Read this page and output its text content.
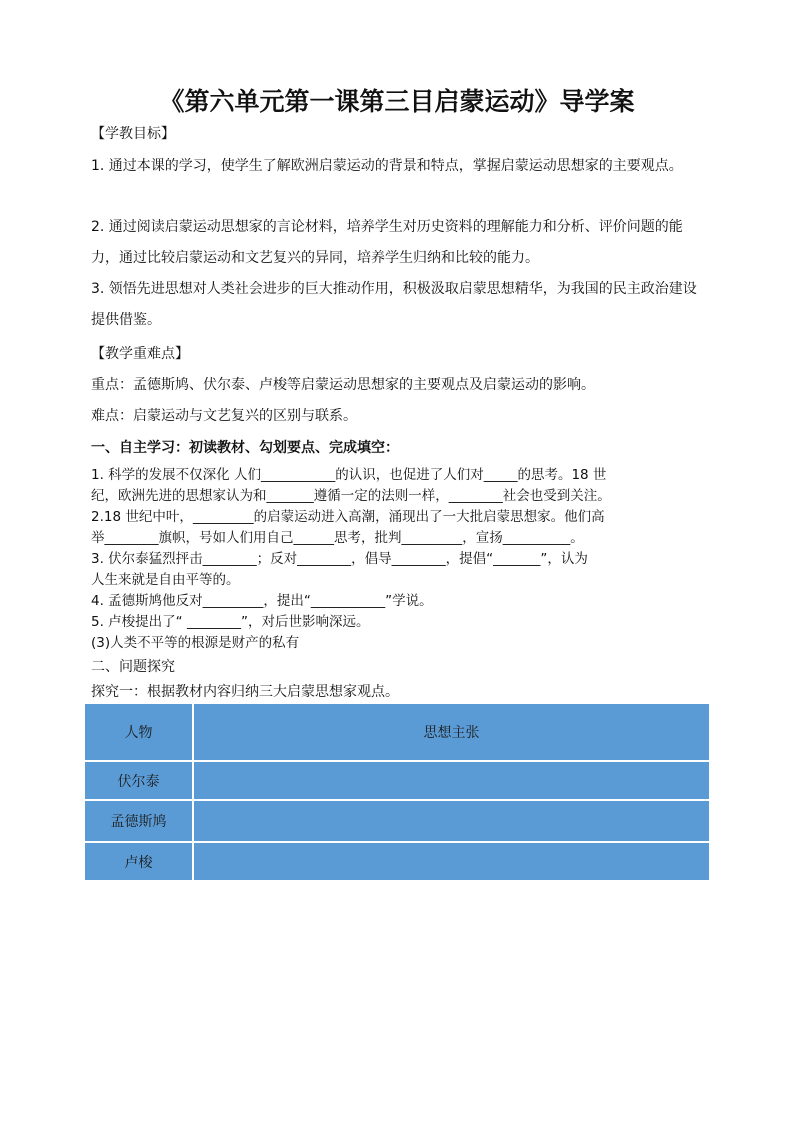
《第六单元第一课第三目启蒙运动》导学案
【学教目标】
1. 通过本课的学习，使学生了解欧洲启蒙运动的背景和特点，掌握启蒙运动思想家的主要观点。
2. 通过阅读启蒙运动思想家的言论材料，培养学生对历史资料的理解能力和分析、评价问题的能力，通过比较启蒙运动和文艺复兴的异同，培养学生归纳和比较的能力。
3. 领悟先进思想对人类社会进步的巨大推动作用，积极汲取启蒙思想精华，为我国的民主政治建设提供借鉴。
【教学重难点】
重点：孟德斯鸠、伏尔泰、卢梭等启蒙运动思想家的主要观点及启蒙运动的影响。
难点：启蒙运动与文艺复兴的区别与联系。
一、自主学习：初读教材、勾划要点、完成填空：
1. 科学的发展不仅深化 人们___________的认识，也促进了人们对_____的思考。18 世
纪，欧洲先进的思想家认为和_______遵循一定的法则一样，________社会也受到关注。
2.18 世纪中叶，_________的启蒙运动进入高潮，涌现出了一大批启蒙思想家。他们高
举________旗帜，号如人们用自己______思考，批判_________，宣扬__________。
3. 伏尔泰猛烈抨击________；反对________，倡导________，提倡“_______”，认为
人生来就是自由平等的。
4. 孟德斯鸠他反对_________，提出“___________”学说。
5. 卢梭提出了“ ________”，对后世影响深远。
(3)人类不平等的根源是财产的私有
二、问题探究
探究一：根据教材内容归纳三大启蒙思想家观点。
人物	思想主张
伏尔泰	
孟德斯鸠	
卢梭	
